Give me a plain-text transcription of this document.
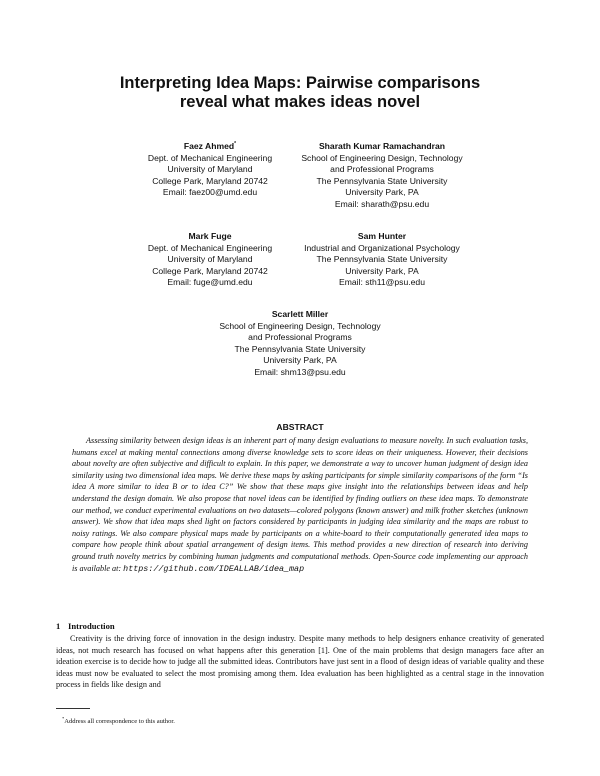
Interpreting Idea Maps: Pairwise comparisons
reveal what makes ideas novel
Faez Ahmed*
Dept. of Mechanical Engineering
University of Maryland
College Park, Maryland 20742
Email: faez00@umd.edu
Sharath Kumar Ramachandran
School of Engineering Design, Technology
and Professional Programs
The Pennsylvania State University
University Park, PA
Email: sharath@psu.edu
Mark Fuge
Dept. of Mechanical Engineering
University of Maryland
College Park, Maryland 20742
Email: fuge@umd.edu
Sam Hunter
Industrial and Organizational Psychology
The Pennsylvania State University
University Park, PA
Email: sth11@psu.edu
Scarlett Miller
School of Engineering Design, Technology
and Professional Programs
The Pennsylvania State University
University Park, PA
Email: shm13@psu.edu
ABSTRACT
Assessing similarity between design ideas is an inherent part of many design evaluations to measure novelty. In such evaluation tasks, humans excel at making mental connections among diverse knowledge sets to score ideas on their uniqueness. However, their decisions about novelty are often subjective and difficult to explain. In this paper, we demonstrate a way to uncover human judgment of design idea similarity using two dimensional idea maps. We derive these maps by asking participants for simple similarity comparisons of the form “Is idea A more similar to idea B or to idea C?” We show that these maps give insight into the relationships between ideas and help understand the design domain. We also propose that novel ideas can be identified by finding outliers on these idea maps. To demonstrate our method, we conduct experimental evaluations on two datasets—colored polygons (known answer) and milk frother sketches (unknown answer). We show that idea maps shed light on factors considered by participants in judging idea similarity and the maps are robust to noisy ratings. We also compare physical maps made by participants on a white-board to their computationally generated idea maps to compare how people think about spatial arrangement of design items. This method provides a new direction of research into deriving ground truth novelty metrics by combining human judgments and computational methods. Open-Source code implementing our approach is available at: https://github.com/IDEALLAB/idea_map
1 Introduction
Creativity is the driving force of innovation in the design industry. Despite many methods to help designers enhance creativity of generated ideas, not much research has focused on what happens after this generation [1]. One of the main problems that design managers face after an ideation exercise is to decide how to judge all the submitted ideas. Contributors have just sent in a flood of design ideas of variable quality and these ideas must now be evaluated to select the most promising among them. Idea evaluation has been highlighted as a central stage in the innovation process in fields like design and
*Address all correspondence to this author.
